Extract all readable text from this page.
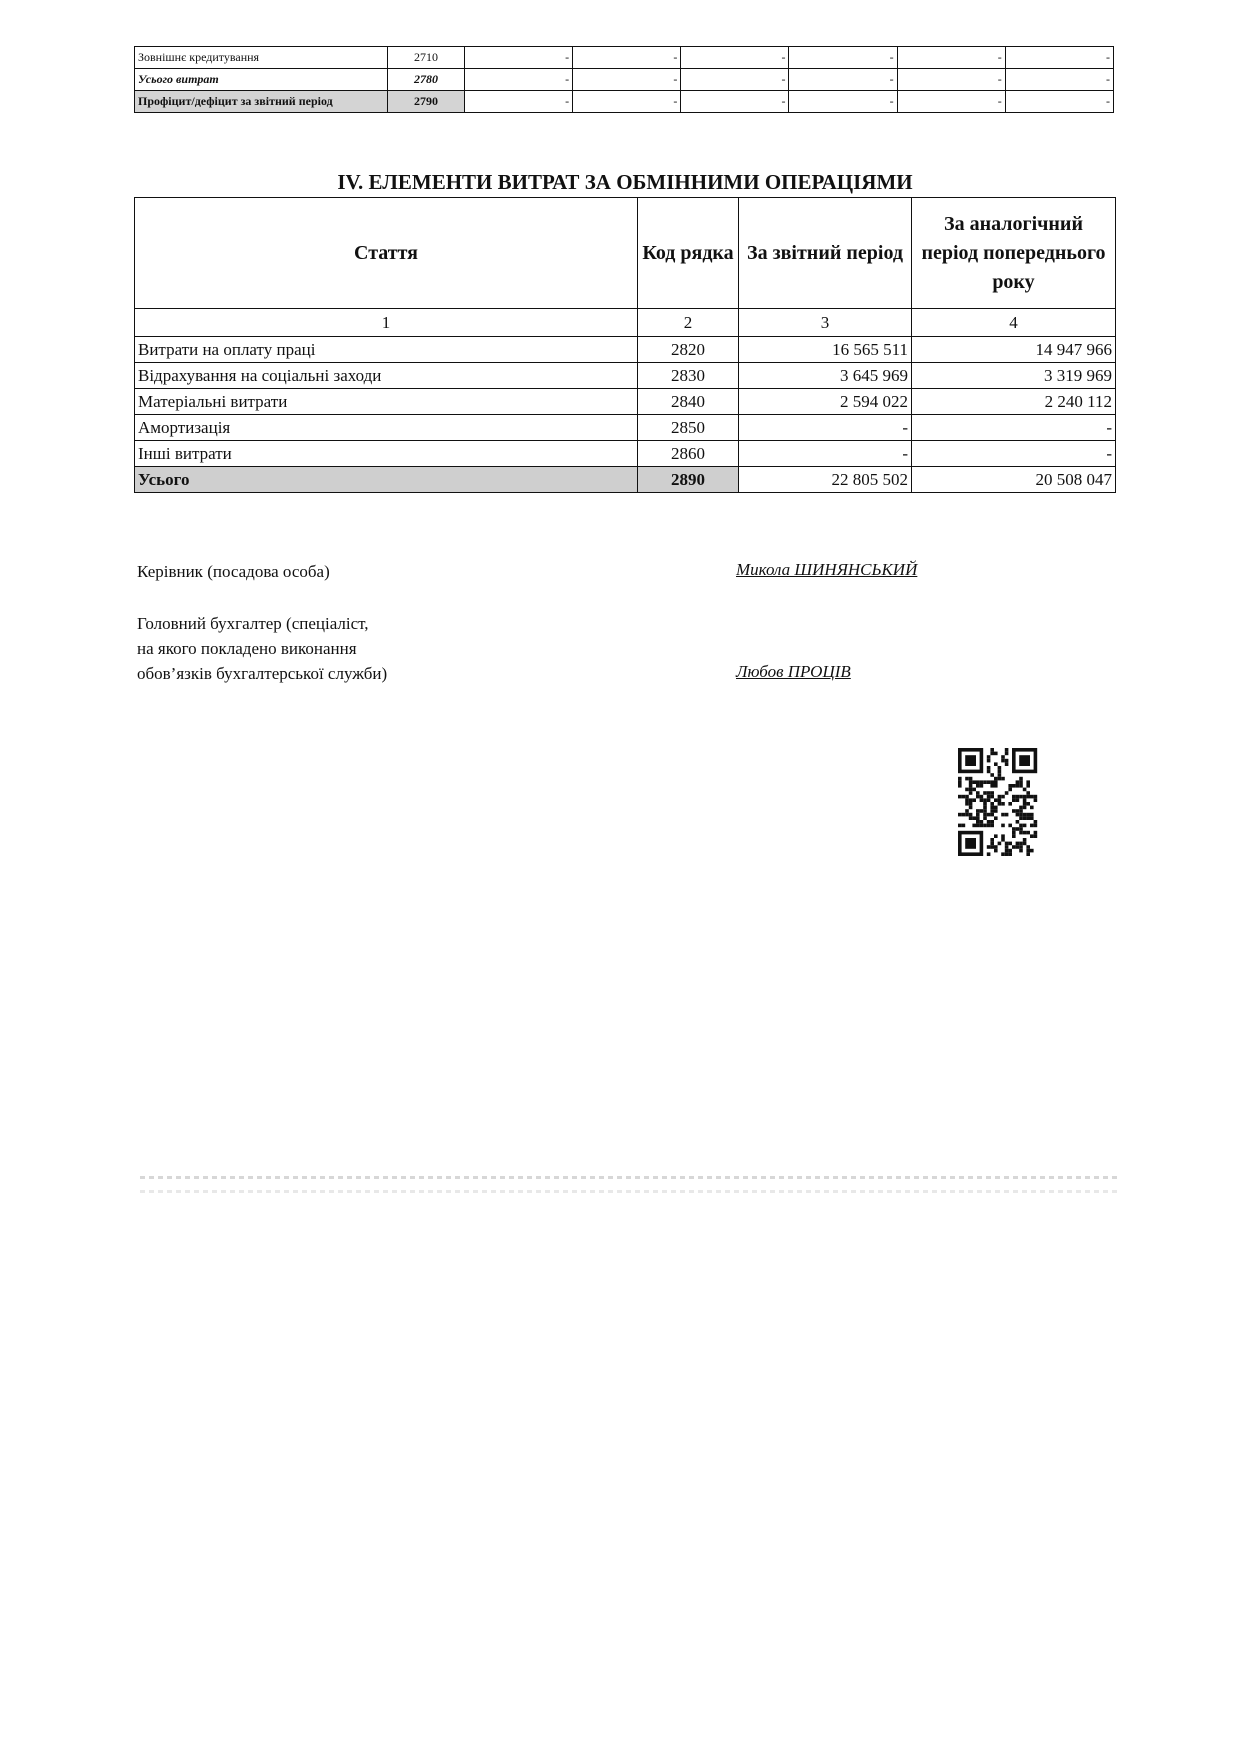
Зовнішнє кредитування	2710	-	-	-	-	-	-
Усього витрат	2780	-	-	-	-	-	-
Профіцит/дефіцит за звітний період	2790	-	-	-	-	-	-
IV. ЕЛЕМЕНТИ ВИТРАТ ЗА ОБМІННИМИ ОПЕРАЦІЯМИ
Стаття	Код рядка	За звітний період	За аналогічний період попереднього року
1	2	3	4
Витрати на оплату праці	2820	16 565 511	14 947 966
Відрахування на соціальні заходи	2830	3 645 969	3 319 969
Матеріальні витрати	2840	2 594 022	2 240 112
Амортизація	2850	-	-
Інші витрати	2860	-	-
Усього	2890	22 805 502	20 508 047

Керівник (посадова особа)	Микола ШИНЯНСЬКИЙ

Головний бухгалтер (спеціаліст,

на якого покладено виконання

обов’язків бухгалтерської служби)	Любов ПРОЦІВ
